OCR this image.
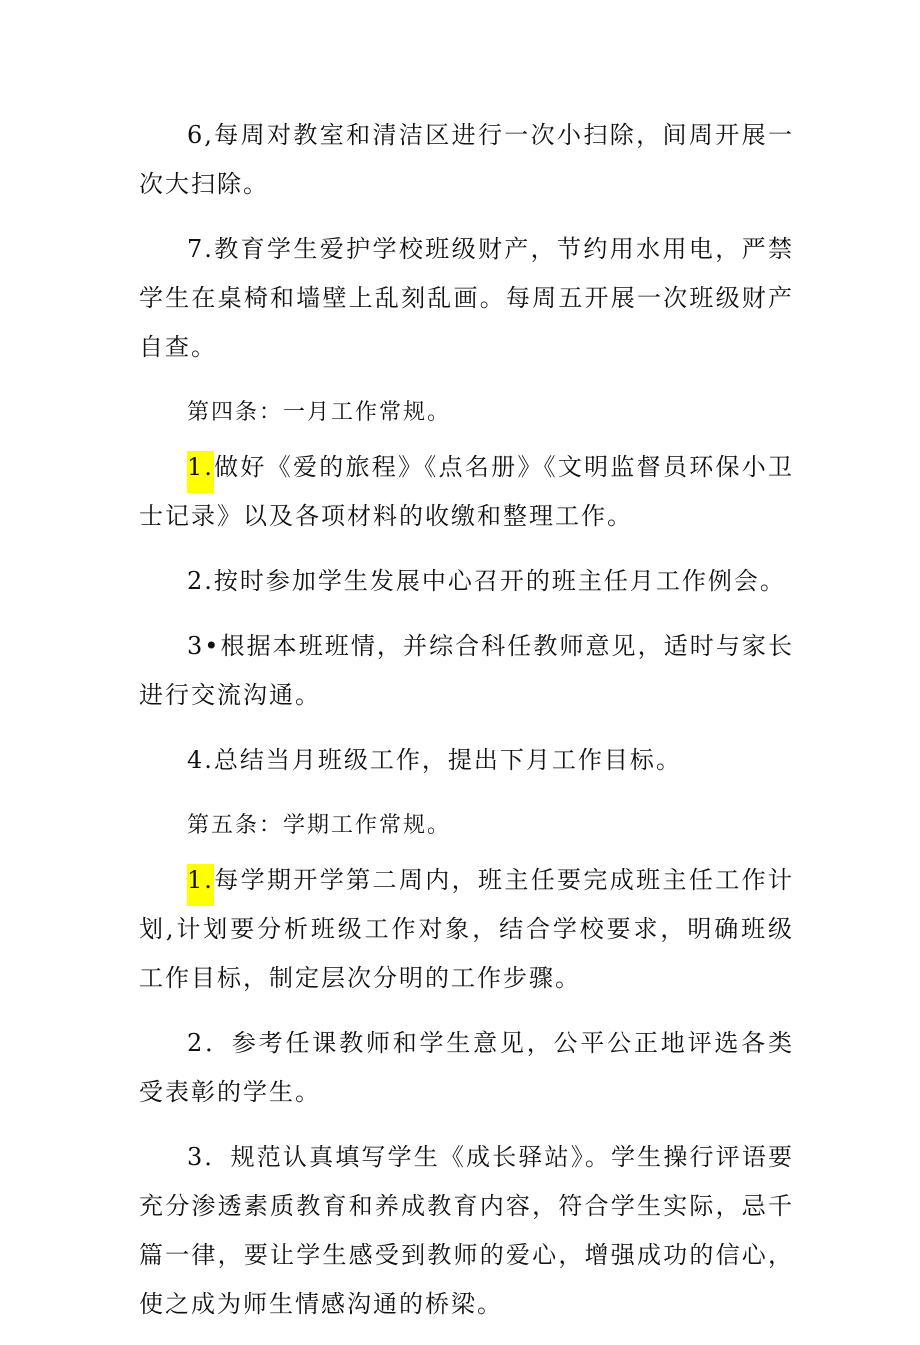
6,每周对教室和清洁区进行一次小扫除，间周开展一次大扫除。

7.教育学生爱护学校班级财产，节约用水用电，严禁学生在桌椅和墙壁上乱刻乱画。每周五开展一次班级财产自查。

第四条：一月工作常规。

1.做好《爱的旅程》《点名册》《文明监督员环保小卫士记录》以及各项材料的收缴和整理工作。

2.按时参加学生发展中心召开的班主任月工作例会。

3•根据本班班情，并综合科任教师意见，适时与家长进行交流沟通。

4.总结当月班级工作，提出下月工作目标。

第五条：学期工作常规。

1.每学期开学第二周内，班主任要完成班主任工作计划,计划要分析班级工作对象，结合学校要求，明确班级工作目标，制定层次分明的工作步骤。

2．参考任课教师和学生意见，公平公正地评选各类受表彰的学生。

3．规范认真填写学生《成长驿站》。学生操行评语要充分渗透素质教育和养成教育内容，符合学生实际，忌千篇一律，要让学生感受到教师的爱心，增强成功的信心，使之成为师生情感沟通的桥梁。
